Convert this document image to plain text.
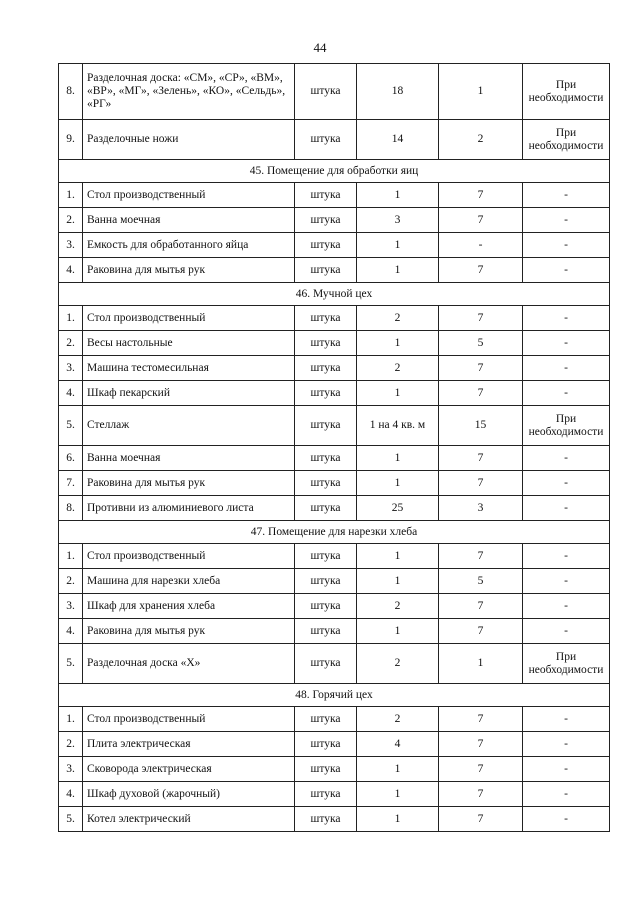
44
8.	Разделочная доска: «СМ», «СР», «ВМ», «ВР», «МГ», «Зелень», «КО», «Сельдь», «РГ»	штука	18	1	При необходимости
9.	Разделочные ножи	штука	14	2	При необходимости
45. Помещение для обработки яиц					
1.	Стол производственный	штука	1	7	-
2.	Ванна моечная	штука	3	7	-
3.	Емкость для обработанного яйца	штука	1	-	-
4.	Раковина для мытья рук	штука	1	7	-
46. Мучной цех					
1.	Стол производственный	штука	2	7	-
2.	Весы настольные	штука	1	5	-
3.	Машина тестомесильная	штука	2	7	-
4.	Шкаф пекарский	штука	1	7	-
5.	Стеллаж	штука	1 на 4 кв. м	15	При необходимости
6.	Ванна моечная	штука	1	7	-
7.	Раковина для мытья рук	штука	1	7	-
8.	Противни из алюминиевого листа	штука	25	3	-
47. Помещение для нарезки хлеба					
1.	Стол производственный	штука	1	7	-
2.	Машина для нарезки хлеба	штука	1	5	-
3.	Шкаф для хранения хлеба	штука	2	7	-
4.	Раковина для мытья рук	штука	1	7	-
5.	Разделочная доска «Х»	штука	2	1	При необходимости
48. Горячий цех					
1.	Стол производственный	штука	2	7	-
2.	Плита электрическая	штука	4	7	-
3.	Сковорода электрическая	штука	1	7	-
4.	Шкаф духовой (жарочный)	штука	1	7	-
5.	Котел электрический	штука	1	7	-
